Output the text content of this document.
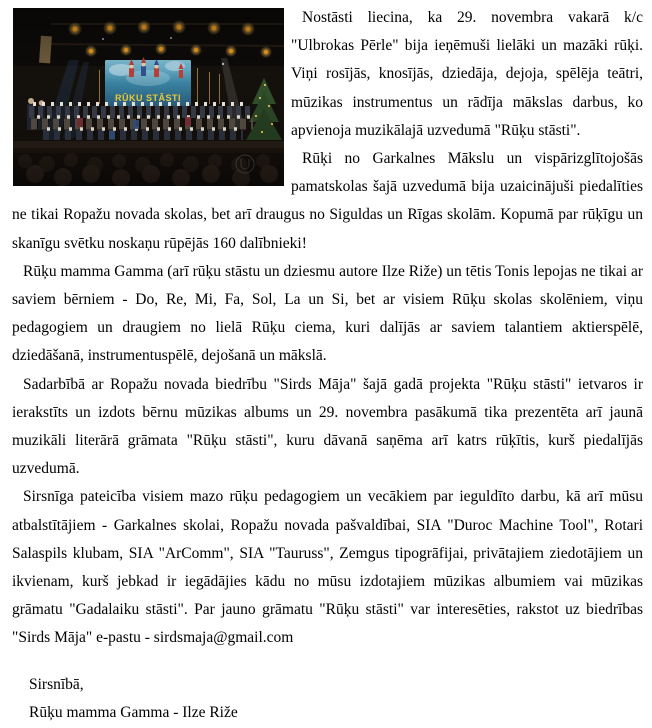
Nostāsti liecina, ka 29. novembra vakarā k/c "Ulbrokas Pērle" bija ieņēmuši lielāki un mazāki rūķi. Viņi rosījās, knosījās, dziedāja, dejoja, spēlēja teātri, mūzikas instrumentus un rādīja mākslas darbus, ko apvienoja muzikālajā uzvedumā "Rūķu stāsti".

Rūķi no Garkalnes Mākslu un vispārizglītojošās pamatskolas šajā uzvedumā bija uzaicinājuši piedalīties ne tikai Ropažu novada skolas, bet arī draugus no Siguldas un Rīgas skolām. Kopumā par rūķīgu un skanīgu svētku noskaņu rūpējās 160 dalībnieki!

Rūķu mamma Gamma (arī rūķu stāstu un dziesmu autore Ilze Riže) un tētis Tonis lepojas ne tikai ar saviem bērniem - Do, Re, Mi, Fa, Sol, La un Si, bet ar visiem Rūķu skolas skolēniem, viņu pedagogiem un draugiem no lielā Rūķu ciema, kuri dalījās ar saviem talantiem aktierspēlē, dziedāšanā, instrumentuspēlē, dejošanā un mākslā.

Sadarbībā ar Ropažu novada biedrību "Sirds Māja" šajā gadā projekta "Rūķu stāsti" ietvaros ir ierakstīts un izdots bērnu mūzikas albums un 29. novembra pasākumā tika prezentēta arī jaunā muzikāli literārā grāmata "Rūķu stāsti", kuru dāvanā saņēma arī katrs rūķītis, kurš piedalījās uzvedumā.

Sirsnīga pateicība visiem mazo rūķu pedagogiem un vecākiem par ieguldīto darbu, kā arī mūsu atbalstītājiem - Garkalnes skolai, Ropažu novada pašvaldībai, SIA "Duroc Machine Tool", Rotari Salaspils klubam, SIA "ArComm", SIA "Tauruss", Zemgus tipogrāfijai, privātajiem ziedotājiem un ikvienam, kurš jebkad ir iegādājies kādu no mūsu izdotajiem mūzikas albumiem vai mūzikas grāmatu "Gadalaiku stāsti". Par jauno grāmatu "Rūķu stāsti" var interesēties, rakstot uz biedrības "Sirds Māja" e-pastu - sirdsmaja@gmail.com

Sirsnībā,

Rūķu mamma Gamma - Ilze Riže
